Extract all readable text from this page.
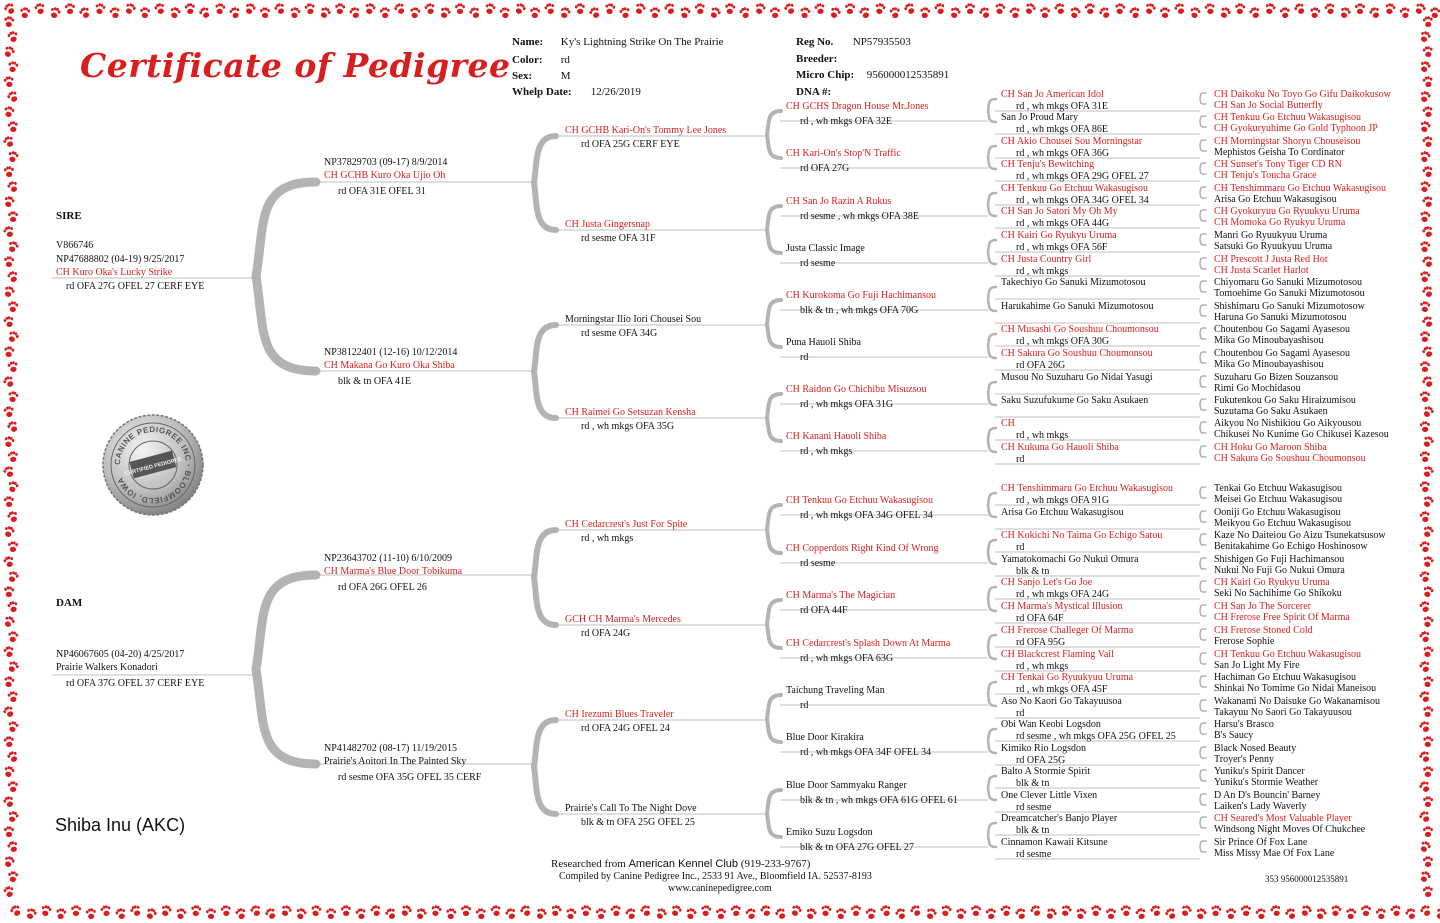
Certificate of Pedigree
Name: Ky's Lightning Strike On The Prairie
Color: rd
Sex:	M
Whelp Date: 12/26/2019
Reg No. NP57935503
Breeder:
Micro Chip: 956000012535891
DNA #:
SIRE
V866746
NP47688802 (04-19) 9/25/2017
CH Kuro Oka's Lucky Strike
rd OFA 27G OFEL 27 CERF EYE
DAM
NP46067605 (04-20) 4/25/2017
Prairie Walkers Konadori
rd OFA 37G OFEL 37 CERF EYE
CANINE PEDIGREE INC · BLOOMFIELD, IOWA
CERTIFIED PEDIGREE
NP37829703 (09-17) 8/9/2014
CH GCHB Kuro Oka Ujio Oh
rd OFA 31E OFEL 31
NP38122401 (12-16) 10/12/2014
CH Makana Go Kuro Oka Shiba
blk & tn OFA 41E
NP23643702 (11-10) 6/10/2009
CH Marma's Blue Door Tobikuma
rd OFA 26G OFEL 26
NP41482702 (08-17) 11/19/2015
Prairie's Aoitori In The Painted Sky
rd sesme OFA 35G OFEL 35 CERF
CH GCHB Kari-On's Tommy Lee Jones
rd OFA 25G CERF EYE
CH Justa Gingersnap
rd sesme OFA 31F
Morningstar Ilio Iori Chousei Sou
rd sesme OFA 34G
CH Raimei Go Setsuzan Kensha
rd , wh mkgs OFA 35G
CH Cedarcrest's Just For Spite
rd , wh mkgs
GCH CH Marma's Mercedes
rd OFA 24G
CH Irezumi Blues Traveler
rd OFA 24G OFEL 24
Prairie's Call To The Night Dove
blk & tn OFA 25G OFEL 25
CH GCHS Dragon House Mr.Jones
rd , wh mkgs OFA 32E
CH Kari-On's Stop'N Traffic
rd OFA 27G
CH San Jo Razin A Rukus
rd sesme , wh mkgs OFA 38E
Justa Classic Image
rd sesme
CH Kurokoma Go Fuji Hachimansou
blk & tn , wh mkgs OFA 70G
Puna Hauoli Shiba
rd
CH Raidon Go Chichibu Misuzsou
rd , wh mkgs OFA 31G
CH Kanani Hauoli Shiba
rd , wh mkgs
CH Tenkuu Go Etchuu Wakasugisou
rd , wh mkgs OFA 34G OFEL 34
CH Copperdots Right Kind Of Wrong
rd sesme
CH Marma's The Magician
rd OFA 44F
CH Cedarcrest's Splash Down At Marma
rd , wh mkgs OFA 63G
Taichung Traveling Man
rd
Blue Door Kirakira
rd , wh mkgs OFA 34F OFEL 34
Blue Door Sammyaku Ranger
blk & tn , wh mkgs OFA 61G OFEL 61
Emiko Suzu Logsdon
blk & tn OFA 27G OFEL 27
CH San Jo American Idol
rd , wh mkgs OFA 31E
San Jo Proud Mary
rd , wh mkgs OFA 86E
CH Akio Chousei Sou Morningstar
rd , wh mkgs OFA 36G
CH Tenju's Bewitching
rd , wh mkgs OFA 29G OFEL 27
CH Tenkuu Go Etchuu Wakasugisou
rd , wh mkgs OFA 34G OFEL 34
CH San Jo Satori My Oh My
rd , wh mkgs OFA 44G
CH Kairi Go Ryukyu Uruma
rd , wh mkgs OFA 56F
CH Justa Country Girl
rd , wh mkgs
Takechiyo Go Sanuki Mizumotosou
Harukahime Go Sanuki Mizumotosou
CH Musashi Go Soushuu Choumonsou
rd , wh mkgs OFA 30G
CH Sakura Go Soushuu Choumonsou
rd OFA 26G
Musou No Suzuharu Go Nidai Yasugi
Saku Suzufukume Go Saku Asukaen
CH
rd , wh mkgs
CH Kukuna Go Hauoli Shiba
rd
CH Tenshimmaru Go Etchuu Wakasugisou
rd , wh mkgs OFA 91G
Arisa Go Etchuu Wakasugisou
CH Kokichi No Taima Go Echigo Satou
rd
Yamatokomachi Go Nukui Omura
blk & tn
CH Sanjo Let's Go Joe
rd , wh mkgs OFA 24G
CH Marma's Mystical Illusion
rd OFA 64F
CH Frerose Challeger Of Marma
rd OFA 95G
CH Blackcrest Flaming Vail
rd , wh mkgs
CH Tenkai Go Ryuukyuu Uruma
rd , wh mkgs OFA 45F
Aso No Kaori Go Takayuusoa
rd
Obi Wan Keobi Logsdon
rd sesme , wh mkgs OFA 25G OFEL 25
Kimiko Rio Logsdon
rd OFA 25G
Balto A Stormie Spirit
blk & tn
One Clever Little Vixen
rd sesme
Dreamcatcher's Banjo Player
blk & tn
Cinnamon Kawaii Kitsune
rd sesme
CH Daikoku No Toyo Go Gifu Daikokusow
CH San Jo Social Butterfly
CH Tenkuu Go Etchuu Wakasugisou
CH Gyokuryuhime Go Gold Typhoon JP
CH Morningstar Shoryu Chouseisou
Mephistos Geisha To Cordinator
CH Sunset's Tony Tiger CD RN
CH Tenju's Toucha Grace
CH Tenshimmaru Go Etchuu Wakasugisou
Arisa Go Etchuu Wakasugisou
CH Gyokuryuu Go Ryuukyu Uruma
CH Momoka Go Ryukyu Uruma
Manri Go Ryuukyuu Uruma
Satsuki Go Ryuukyuu Uruma
CH Prescott J Justa Red Hot
CH Justa Scarlet Harlot
Chiyomaru Go Sanuki Mizumotosou
Tomoehime Go Sanuki Mizumotosou
Shishimaru Go Sanuki Mizumotosow
Haruna Go Sanuki Mizumotosou
Choutenbou Go Sagami Ayasesou
Mika Go Minoubayashisou
Choutenbou Go Sagami Ayasesou
Mika Go Minoubayashisou
Suzuharu Go Bizen Souzansou
Rimi Go Mochidasou
Fukutenkou Go Saku Hiraizumisou
Suzutama Go Saku Asukaen
Aikyou No Nishikiou Go Aikyousou
Chikusei No Kunime Go Chikusei Kazesou
CH Hoku Go Maroon Shiba
CH Sakura Go Soushuu Choumonsou
Tenkai Go Etchuu Wakasugisou
Meisei Go Etchuu Wakasugisou
Ooniji Go Etchuu Wakasugisou
Meikyou Go Etchuu Wakasugisou
Kaze No Daiteiou Go Aizu Tsunekatsusow
Benitakahime Go Echigo Hoshinosow
Shishigen Go Fuji Hachimansou
Nukui No Fuji Go Nukui Omura
CH Kairi Go Ryukyu Uruma
Seki No Sachihime Go Shikoku
CH San Jo The Sorcerer
CH Frerose Free Spirit Of Marma
CH Frerose Stoned Cold
Frerose Sophie
CH Tenkuu Go Etchuu Wakasugisou
San Jo Light My Fire
Hachiman Go Etchuu Wakasugisou
Shinkai No Tomime Go Nidai Maneisou
Wakanami No Daisuke Go Wakanamisou
Takayuu No Saori Go Takayuusou
Harsu's Brasco
B's Saucy
Black Nosed Beauty
Troyer's Penny
Yuniku's Spirit Dancer
Yuniku's Stormie Weather
D An D's Bouncin' Barney
Laiken's Lady Waverly
CH Seared's Most Valuable Player
Windsong Night Moves Of Chukchee
Sir Prince Of Fox Lane
Miss Missy Mae Of Fox Lane
Shiba Inu (AKC)
Researched from American Kennel Club (919-233-9767)
Compiled by Canine Pedigree Inc., 2533 91 Ave., Bloomfield IA. 52537-8193
www.caninepedigree.com
353 956000012535891
